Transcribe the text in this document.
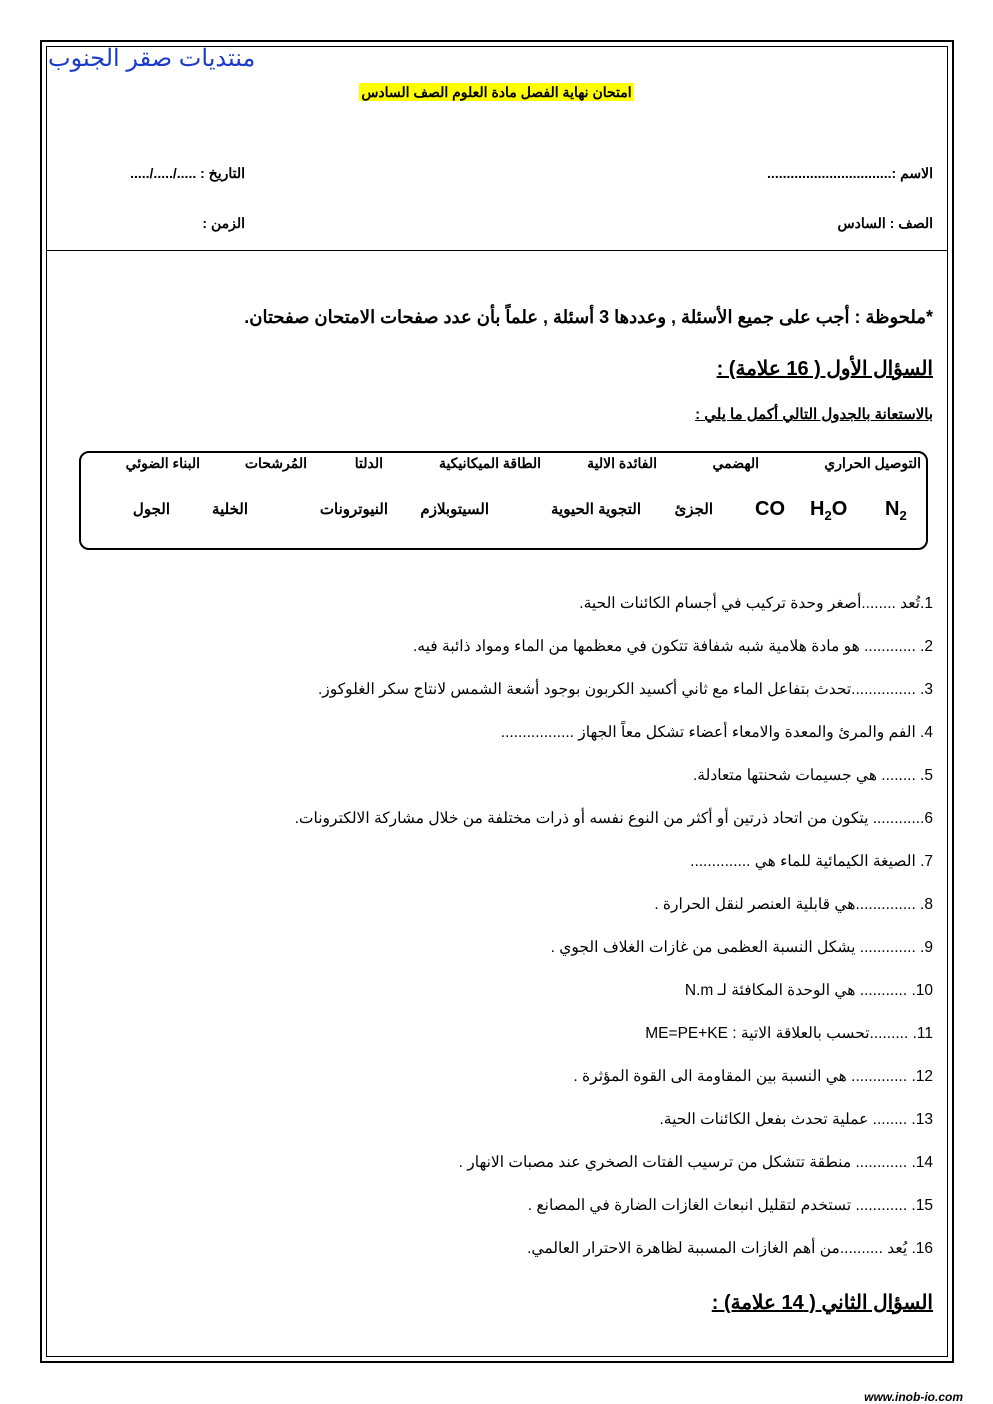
منتديات صقر الجنوب
امتحان نهاية الفصل مادة العلوم الصف السادس
الاسم :................................
التاريخ : ...../...../.....
الصف : السادس
الزمن :
*ملحوظة : أجب على جميع الأسئلة , وعددها 3 أسئلة , علماً بأن عدد صفحات الامتحان صفحتان.
السؤال الأول ( 16 علامة) :
بالاستعانة بالجدول التالي أكمل ما يلي :
التوصيل الحراري
الهضمي
الفائدة الالية
الطاقة الميكانيكية
الدلتا
المُرشحات
البناء الضوئي
$N_2$
$H_2O$
CO
الجزئ
التجوية الحيوية
السيتوبلازم
النيوترونات
الخلية
الجول
1.تُعد ........أصغر وحدة تركيب في أجسام الكائنات الحية.
2. ............ هو مادة هلامية شبه شفافة تتكون في معظمها من الماء ومواد ذائبة فيه.
3. ...............تحدث بتفاعل الماء مع ثاني أكسيد الكربون بوجود أشعة الشمس لانتاج سكر الغلوكوز.
4. الفم والمرئ والمعدة والامعاء أعضاء تشكل معاً الجهاز .................
5. ........ هي جسيمات شحنتها متعادلة.
6............ يتكون من اتحاد ذرتين أو أكثر من النوع نفسه أو ذرات مختلفة من خلال مشاركة الالكترونات.
7. الصيغة الكيمائية للماء هي ..............
8. ..............هي قابلية العنصر لنقل الحرارة .
9. ............. يشكل النسبة العظمى من غازات الغلاف الجوي .
10. ........... هي الوحدة المكافئة لـ N.m
11. .........تحسب بالعلاقة الاتية : ME=PE+KE
12. ............. هي النسبة بين المقاومة الى القوة المؤثرة .
13. ........ عملية تحدث بفعل الكائنات الحية.
14. ............ منطقة تتشكل من ترسيب الفتات الصخري عند مصبات الانهار .
15. ............ تستخدم لتقليل انبعاث الغازات الضارة في المصانع .
16. يُعد ..........من أهم الغازات المسببة لظاهرة الاحترار العالمي.
السؤال الثاني ( 14 علامة) :
www.inob-io.com
